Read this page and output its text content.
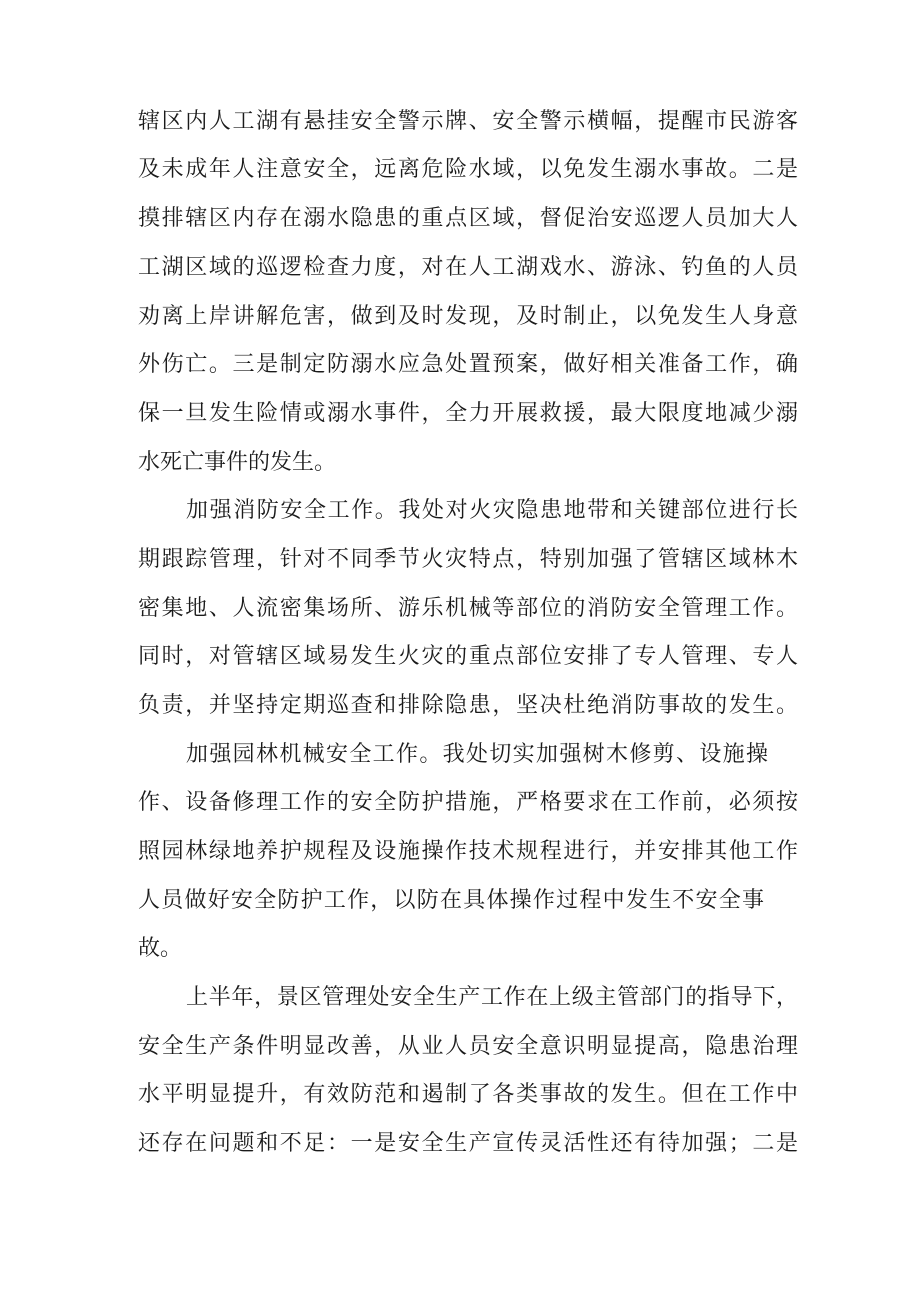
辖区内人工湖有悬挂安全警示牌、安全警示横幅，提醒市民游客
及未成年人注意安全，远离危险水域，以免发生溺水事故。二是
摸排辖区内存在溺水隐患的重点区域，督促治安巡逻人员加大人
工湖区域的巡逻检查力度，对在人工湖戏水、游泳、钓鱼的人员
劝离上岸讲解危害，做到及时发现，及时制止，以免发生人身意
外伤亡。三是制定防溺水应急处置预案，做好相关准备工作，确
保一旦发生险情或溺水事件，全力开展救援，最大限度地减少溺
水死亡事件的发生。
加强消防安全工作。我处对火灾隐患地带和关键部位进行长
期跟踪管理，针对不同季节火灾特点，特别加强了管辖区域林木
密集地、人流密集场所、游乐机械等部位的消防安全管理工作。
同时，对管辖区域易发生火灾的重点部位安排了专人管理、专人
负责，并坚持定期巡查和排除隐患，坚决杜绝消防事故的发生。
加强园林机械安全工作。我处切实加强树木修剪、设施操
作、设备修理工作的安全防护措施，严格要求在工作前，必须按
照园林绿地养护规程及设施操作技术规程进行，并安排其他工作
人员做好安全防护工作，以防在具体操作过程中发生不安全事
故。
上半年，景区管理处安全生产工作在上级主管部门的指导下，
安全生产条件明显改善，从业人员安全意识明显提高，隐患治理
水平明显提升，有效防范和遏制了各类事故的发生。但在工作中
还存在问题和不足：一是安全生产宣传灵活性还有待加强；二是
